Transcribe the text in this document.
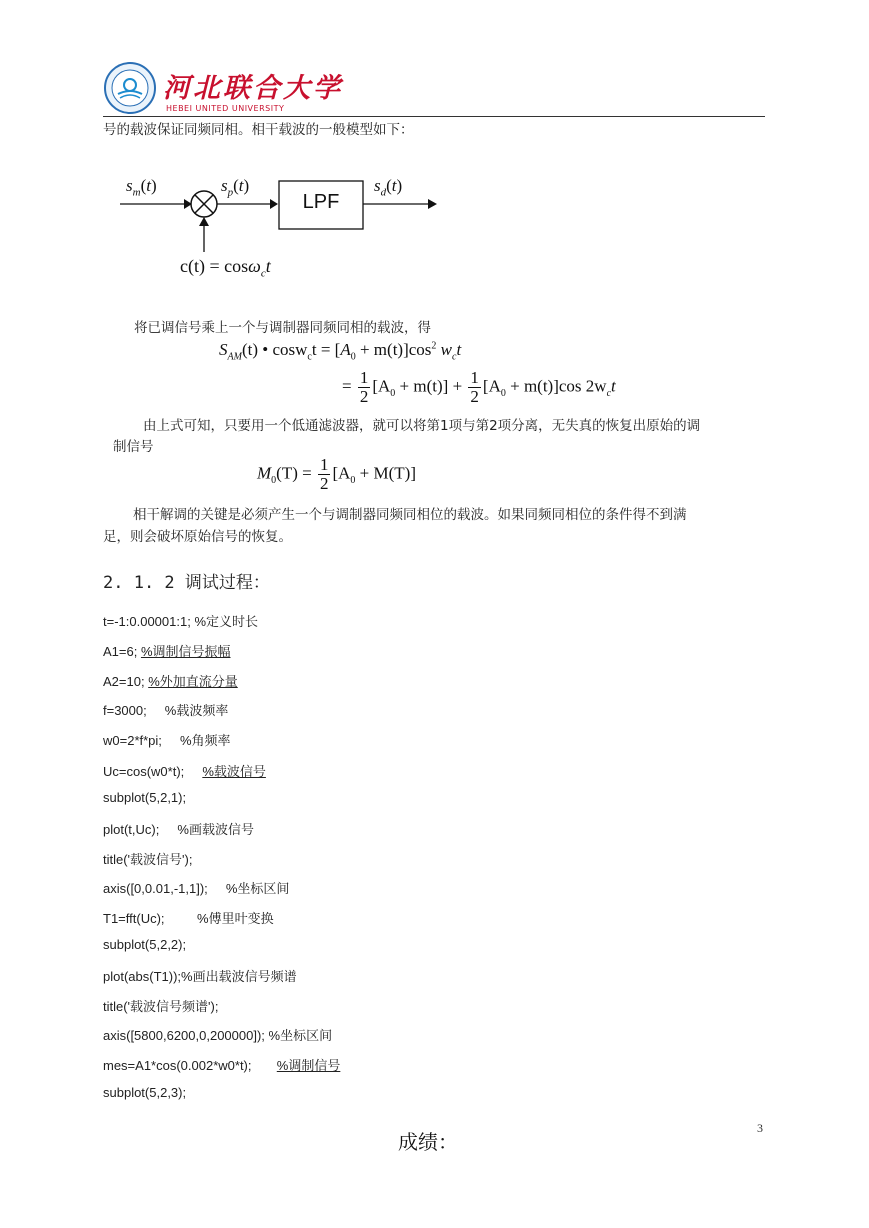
河北联合大学
HEBEI UNITED UNIVERSITY
号的载波保证同频同相。相干载波的一般模型如下：
$s_m(t)$	$s_p(t)$
LPF
$s_d(t)$
c(t) = cosω$_c$t
将已调信号乘上一个与调制器同频同相的载波，得
$S_{AM}(t)$ • $\cos w_ct = [A_0 + m(t)]\cos^2$ $w_ct$
= $\frac{1}{2} [A_0 + m(t)] + \frac{1}{2} [A_0 + m(t)]\cos$ $2w_ct$
由上式可知，只要用一个低通滤波器，就可以将第1项与第2项分离，无失真的恢复出原始的调
制信号
$M_0(T) = \frac{1}{2} [A_0 + M(T)]$
相干解调的关键是必须产生一个与调制器同频同相位的载波。如果同频同相位的条件得不到满
足，则会破坏原始信号的恢复。
2. 1. 2 调试过程：
t=-1:0.00001:1; %定义时长
A1=6; %调制信号振幅
A2=10; %外加直流分量
f=3000;     %载波频率
w0=2*f*pi;     %角频率
Uc=cos(w0*t);     %载波信号
subplot(5,2,1);
plot(t,Uc);     %画载波信号
title('载波信号');
axis([0,0.01,-1,1]);     %坐标区间
T1=fft(Uc);         %傅里叶变换
subplot(5,2,2);
plot(abs(T1));%画出载波信号频谱
title('载波信号频谱');
axis([5800,6200,0,200000]); %坐标区间
mes=A1*cos(0.002*w0*t);       %调制信号
subplot(5,2,3);
3
成绩：
